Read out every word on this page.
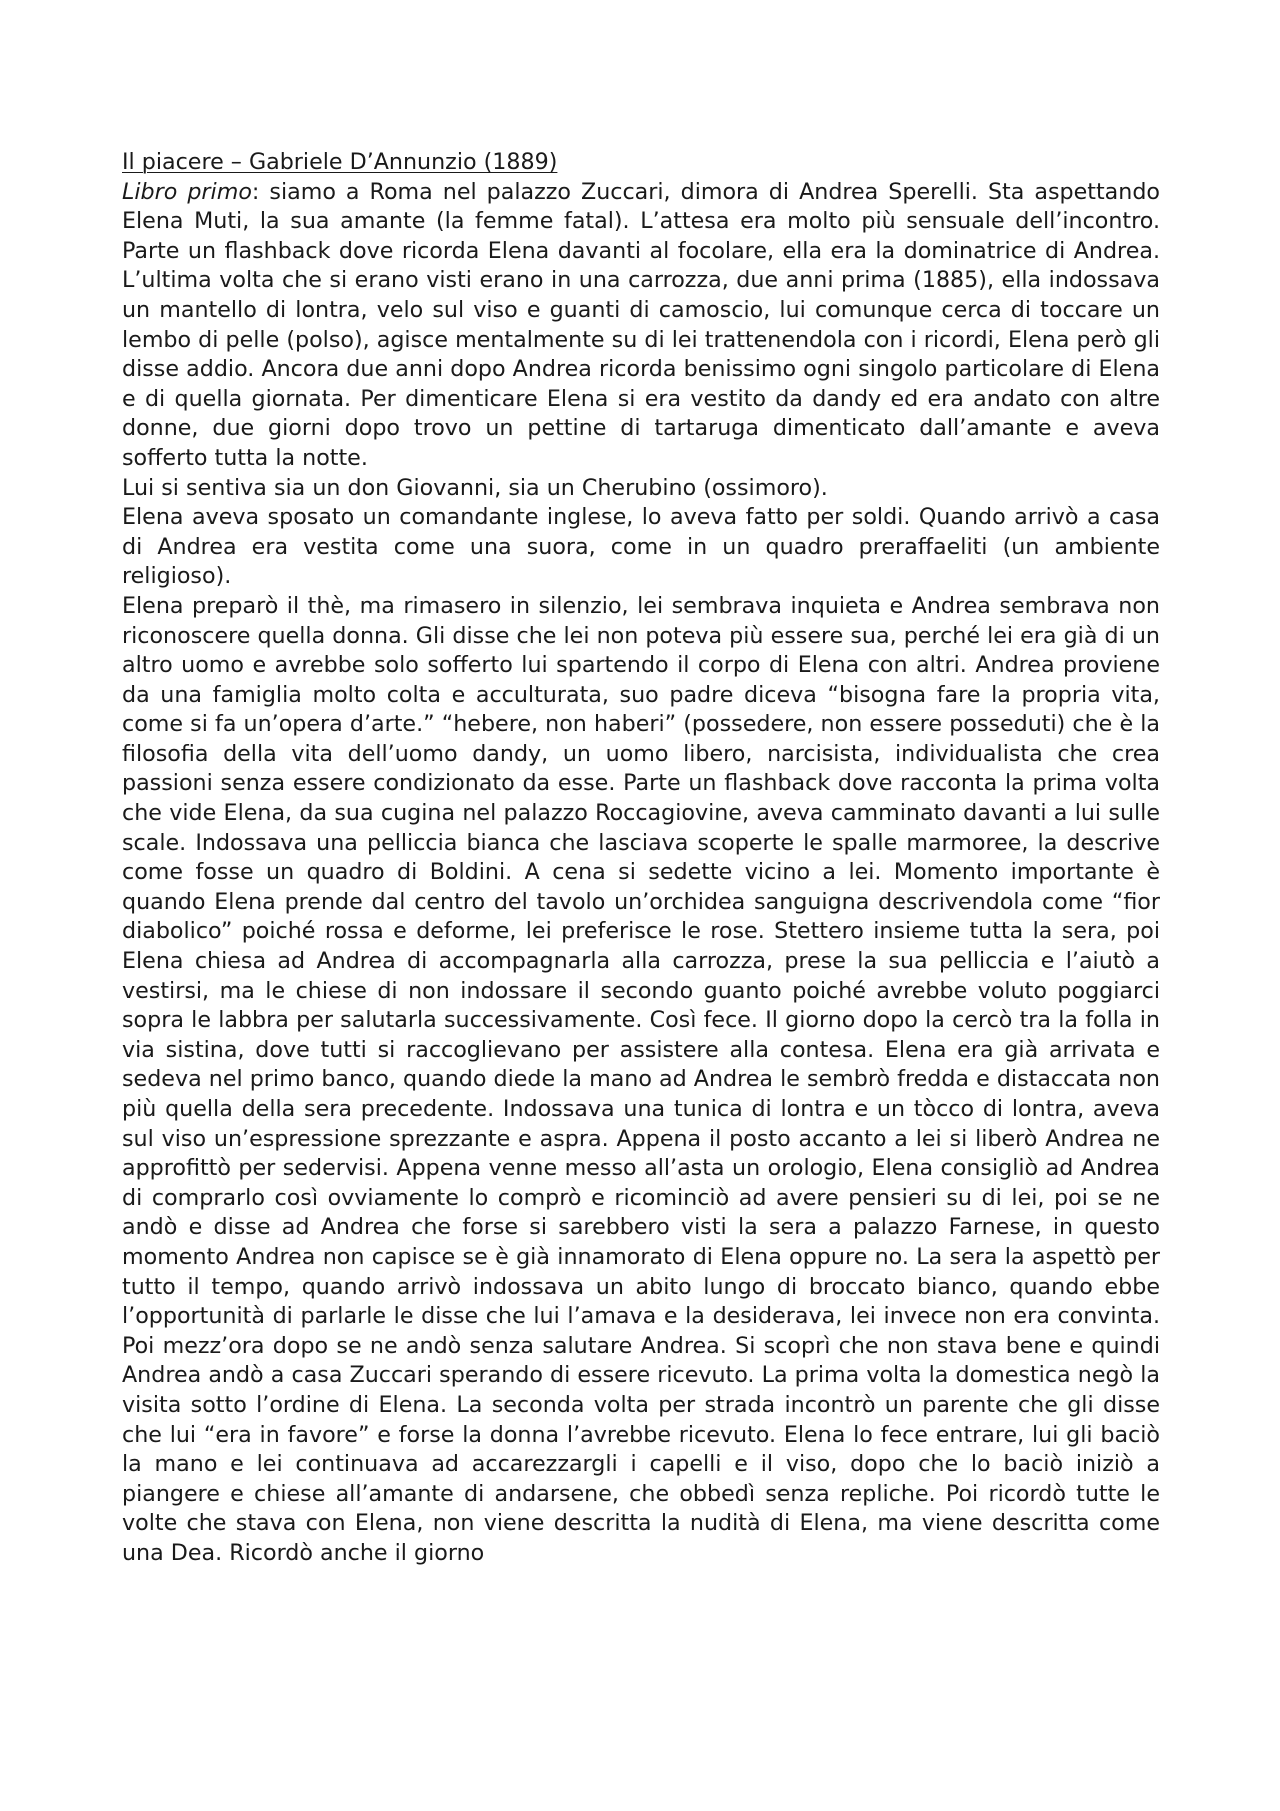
Il piacere – Gabriele D’Annunzio (1889)

Libro primo: siamo a Roma nel palazzo Zuccari, dimora di Andrea Sperelli. Sta aspettando Elena Muti, la sua amante (la femme fatal). L’attesa era molto più sensuale dell’incontro. Parte un flashback dove ricorda Elena davanti al focolare, ella era la dominatrice di Andrea. L’ultima volta che si erano visti erano in una carrozza, due anni prima (1885), ella indossava un mantello di lontra, velo sul viso e guanti di camoscio, lui comunque cerca di toccare un lembo di pelle (polso), agisce mentalmente su di lei trattenendola con i ricordi, Elena però gli disse addio. Ancora due anni dopo Andrea ricorda benissimo ogni singolo particolare di Elena e di quella giornata. Per dimenticare Elena si era vestito da dandy ed era andato con altre donne, due giorni dopo trovo un pettine di tartaruga dimenticato dall’amante e aveva sofferto tutta la notte.

Lui si sentiva sia un don Giovanni, sia un Cherubino (ossimoro).

Elena aveva sposato un comandante inglese, lo aveva fatto per soldi. Quando arrivò a casa di Andrea era vestita come una suora, come in un quadro preraffaeliti (un ambiente religioso).

Elena preparò il thè, ma rimasero in silenzio, lei sembrava inquieta e Andrea sembrava non riconoscere quella donna. Gli disse che lei non poteva più essere sua, perché lei era già di un altro uomo e avrebbe solo sofferto lui spartendo il corpo di Elena con altri. Andrea proviene da una famiglia molto colta e acculturata, suo padre diceva “bisogna fare la propria vita, come si fa un’opera d’arte.” “hebere, non haberi” (possedere, non essere posseduti) che è la filosofia della vita dell’uomo dandy, un uomo libero, narcisista, individualista che crea passioni senza essere condizionato da esse. Parte un flashback dove racconta la prima volta che vide Elena, da sua cugina nel palazzo Roccagiovine, aveva camminato davanti a lui sulle scale. Indossava una pelliccia bianca che lasciava scoperte le spalle marmoree, la descrive come fosse un quadro di Boldini. A cena si sedette vicino a lei. Momento importante è quando Elena prende dal centro del tavolo un’orchidea sanguigna descrivendola come “fior diabolico” poiché rossa e deforme, lei preferisce le rose. Stettero insieme tutta la sera, poi Elena chiesa ad Andrea di accompagnarla alla carrozza, prese la sua pelliccia e l’aiutò a vestirsi, ma le chiese di non indossare il secondo guanto poiché avrebbe voluto poggiarci sopra le labbra per salutarla successivamente. Così fece. Il giorno dopo la cercò tra la folla in via sistina, dove tutti si raccoglievano per assistere alla contesa. Elena era già arrivata e sedeva nel primo banco, quando diede la mano ad Andrea le sembrò fredda e distaccata non più quella della sera precedente. Indossava una tunica di lontra e un tòcco di lontra, aveva sul viso un’espressione sprezzante e aspra. Appena il posto accanto a lei si liberò Andrea ne approfittò per sedervisi. Appena venne messo all’asta un orologio, Elena consigliò ad Andrea di comprarlo così ovviamente lo comprò e ricominciò ad avere pensieri su di lei, poi se ne andò e disse ad Andrea che forse si sarebbero visti la sera a palazzo Farnese, in questo momento Andrea non capisce se è già innamorato di Elena oppure no. La sera la aspettò per tutto il tempo, quando arrivò indossava un abito lungo di broccato bianco, quando ebbe l’opportunità di parlarle le disse che lui l’amava e la desiderava, lei invece non era convinta. Poi mezz’ora dopo se ne andò senza salutare Andrea. Si scoprì che non stava bene e quindi Andrea andò a casa Zuccari sperando di essere ricevuto. La prima volta la domestica negò la visita sotto l’ordine di Elena. La seconda volta per strada incontrò un parente che gli disse che lui “era in favore” e forse la donna l’avrebbe ricevuto. Elena lo fece entrare, lui gli baciò la mano e lei continuava ad accarezzargli i capelli e il viso, dopo che lo baciò iniziò a piangere e chiese all’amante di andarsene, che obbedì senza repliche. Poi ricordò tutte le volte che stava con Elena, non viene descritta la nudità di Elena, ma viene descritta come una Dea. Ricordò anche il giorno
